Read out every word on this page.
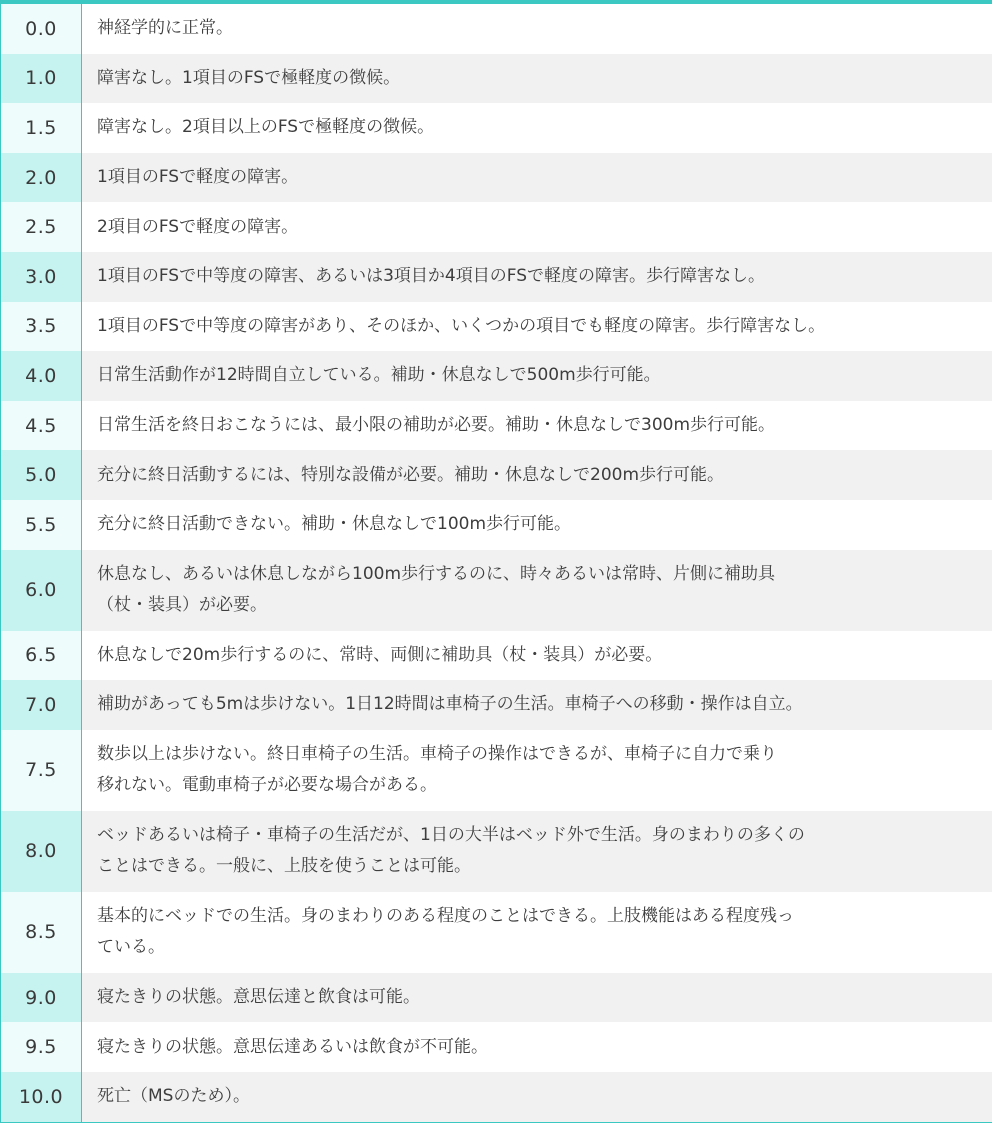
0.0	神経学的に正常。

1.0	障害なし。1項目のFSで極軽度の徴候。

1.5	障害なし。2項目以上のFSで極軽度の徴候。

2.0	1項目のFSで軽度の障害。

2.5	2項目のFSで軽度の障害。

3.0	1項目のFSで中等度の障害、あるいは3項目か4項目のFSで軽度の障害。歩行障害なし。

3.5	1項目のFSで中等度の障害があり、そのほか、いくつかの項目でも軽度の障害。歩行障害なし。

4.0	日常生活動作が12時間自立している。補助・休息なしで500m歩行可能。

4.5	日常生活を終日おこなうには、最小限の補助が必要。補助・休息なしで300m歩行可能。

5.0	充分に終日活動するには、特別な設備が必要。補助・休息なしで200m歩行可能。

5.5	充分に終日活動できない。補助・休息なしで100m歩行可能。

6.0	休息なし、あるいは休息しながら100m歩行するのに、時々あるいは常時、片側に補助具
（杖・装具）が必要。

6.5	休息なしで20m歩行するのに、常時、両側に補助具（杖・装具）が必要。

7.0	補助があっても5mは歩けない。1日12時間は車椅子の生活。車椅子への移動・操作は自立。

7.5	数歩以上は歩けない。終日車椅子の生活。車椅子の操作はできるが、車椅子に自力で乗り
移れない。電動車椅子が必要な場合がある。

8.0	ベッドあるいは椅子・車椅子の生活だが、1日の大半はベッド外で生活。身のまわりの多くの
ことはできる。一般に、上肢を使うことは可能。

8.5	基本的にベッドでの生活。身のまわりのある程度のことはできる。上肢機能はある程度残っ
ている。

9.0	寝たきりの状態。意思伝達と飲食は可能。

9.5	寝たきりの状態。意思伝達あるいは飲食が不可能。

10.0	死亡（MSのため）。
